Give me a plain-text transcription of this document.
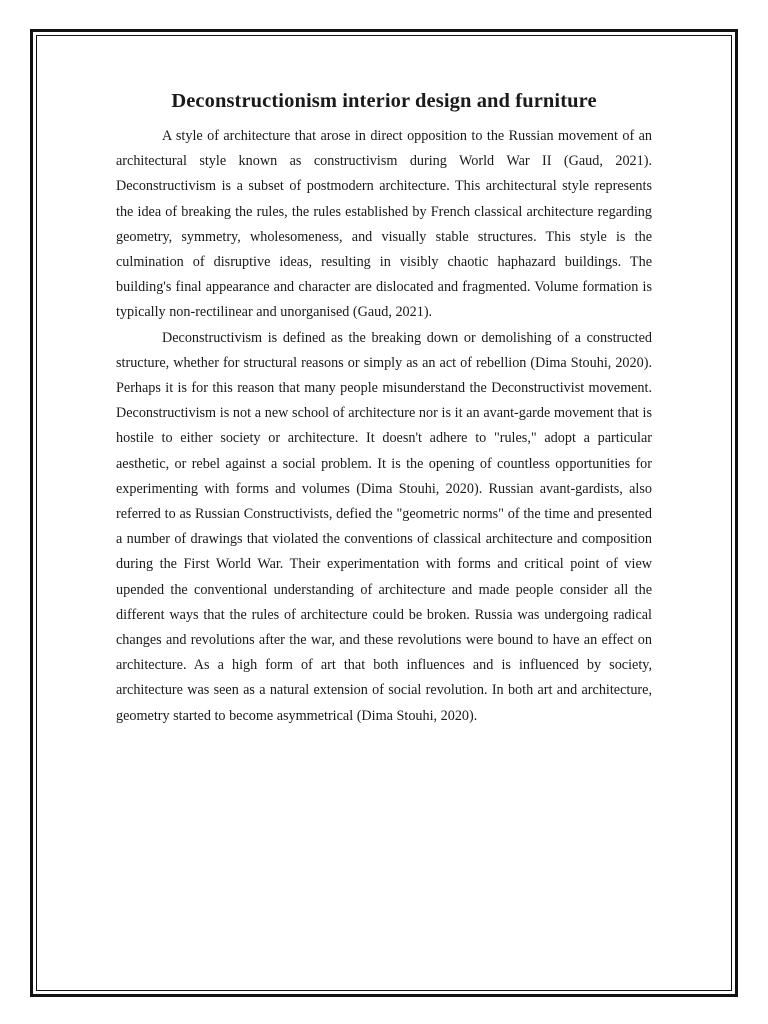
Deconstructionism interior design and furniture

A style of architecture that arose in direct opposition to the Russian movement of an architectural style known as constructivism during World War II (Gaud, 2021). Deconstructivism is a subset of postmodern architecture. This architectural style represents the idea of breaking the rules, the rules established by French classical architecture regarding geometry, symmetry, wholesomeness, and visually stable structures. This style is the culmination of disruptive ideas, resulting in visibly chaotic haphazard buildings. The building's final appearance and character are dislocated and fragmented. Volume formation is typically non-rectilinear and unorganised (Gaud, 2021).

Deconstructivism is defined as the breaking down or demolishing of a constructed structure, whether for structural reasons or simply as an act of rebellion (Dima Stouhi, 2020). Perhaps it is for this reason that many people misunderstand the Deconstructivist movement. Deconstructivism is not a new school of architecture nor is it an avant-garde movement that is hostile to either society or architecture. It doesn't adhere to "rules," adopt a particular aesthetic, or rebel against a social problem. It is the opening of countless opportunities for experimenting with forms and volumes (Dima Stouhi, 2020). Russian avant-gardists, also referred to as Russian Constructivists, defied the "geometric norms" of the time and presented a number of drawings that violated the conventions of classical architecture and composition during the First World War. Their experimentation with forms and critical point of view upended the conventional understanding of architecture and made people consider all the different ways that the rules of architecture could be broken. Russia was undergoing radical changes and revolutions after the war, and these revolutions were bound to have an effect on architecture. As a high form of art that both influences and is influenced by society, architecture was seen as a natural extension of social revolution. In both art and architecture, geometry started to become asymmetrical (Dima Stouhi, 2020).
